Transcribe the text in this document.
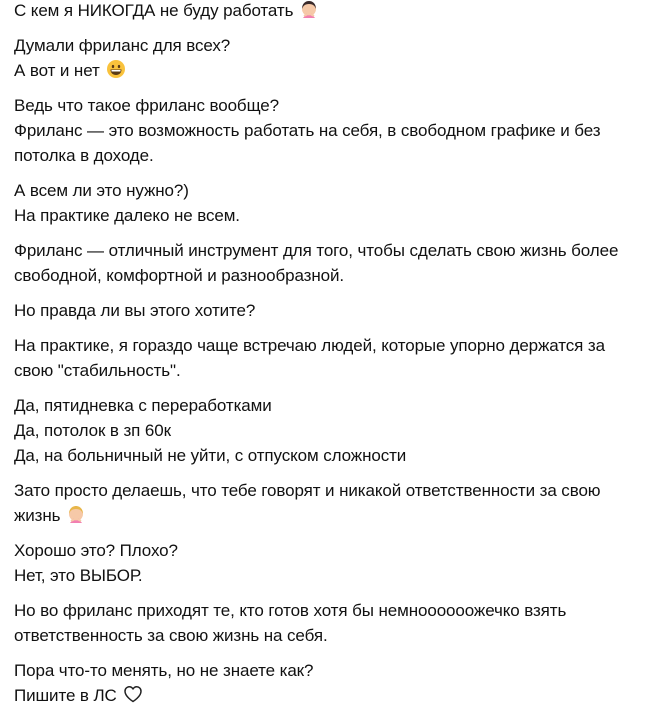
С кем я НИКОГДА не буду работать
Думали фриланс для всех?
А вот и нет
Ведь что такое фриланс вообще?
Фриланс — это возможность работать на себя, в свободном графике и без
потолка в доходе.
А всем ли это нужно?)
На практике далеко не всем.
Фриланс — отличный инструмент для того, чтобы сделать свою жизнь более
свободной, комфортной и разнообразной.
Но правда ли вы этого хотите?
На практике, я гораздо чаще встречаю людей, которые упорно держатся за
свою "стабильность".
Да, пятидневка с переработками
Да, потолок в зп 60к
Да, на больничный не уйти, с отпуском сложности
Зато просто делаешь, что тебе говорят и никакой ответственности за свою
жизнь
Хорошо это? Плохо?
Нет, это ВЫБОР.
Но во фриланс приходят те, кто готов хотя бы немноооооо​жечко взять
ответственность за свою жизнь на себя.
Пора что-то менять, но не знаете как?
Пишите в ЛС
